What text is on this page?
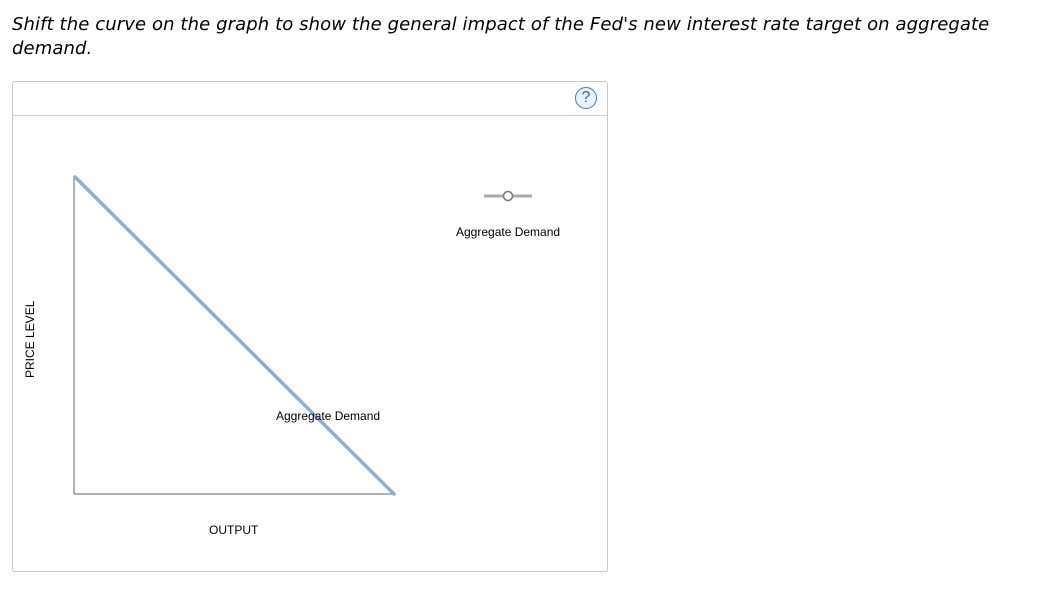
Shift the curve on the graph to show the general impact of the Fed's new interest rate target on aggregate demand.
?
Aggregate Demand
OUTPUT
PRICE LEVEL
Aggregate Demand
